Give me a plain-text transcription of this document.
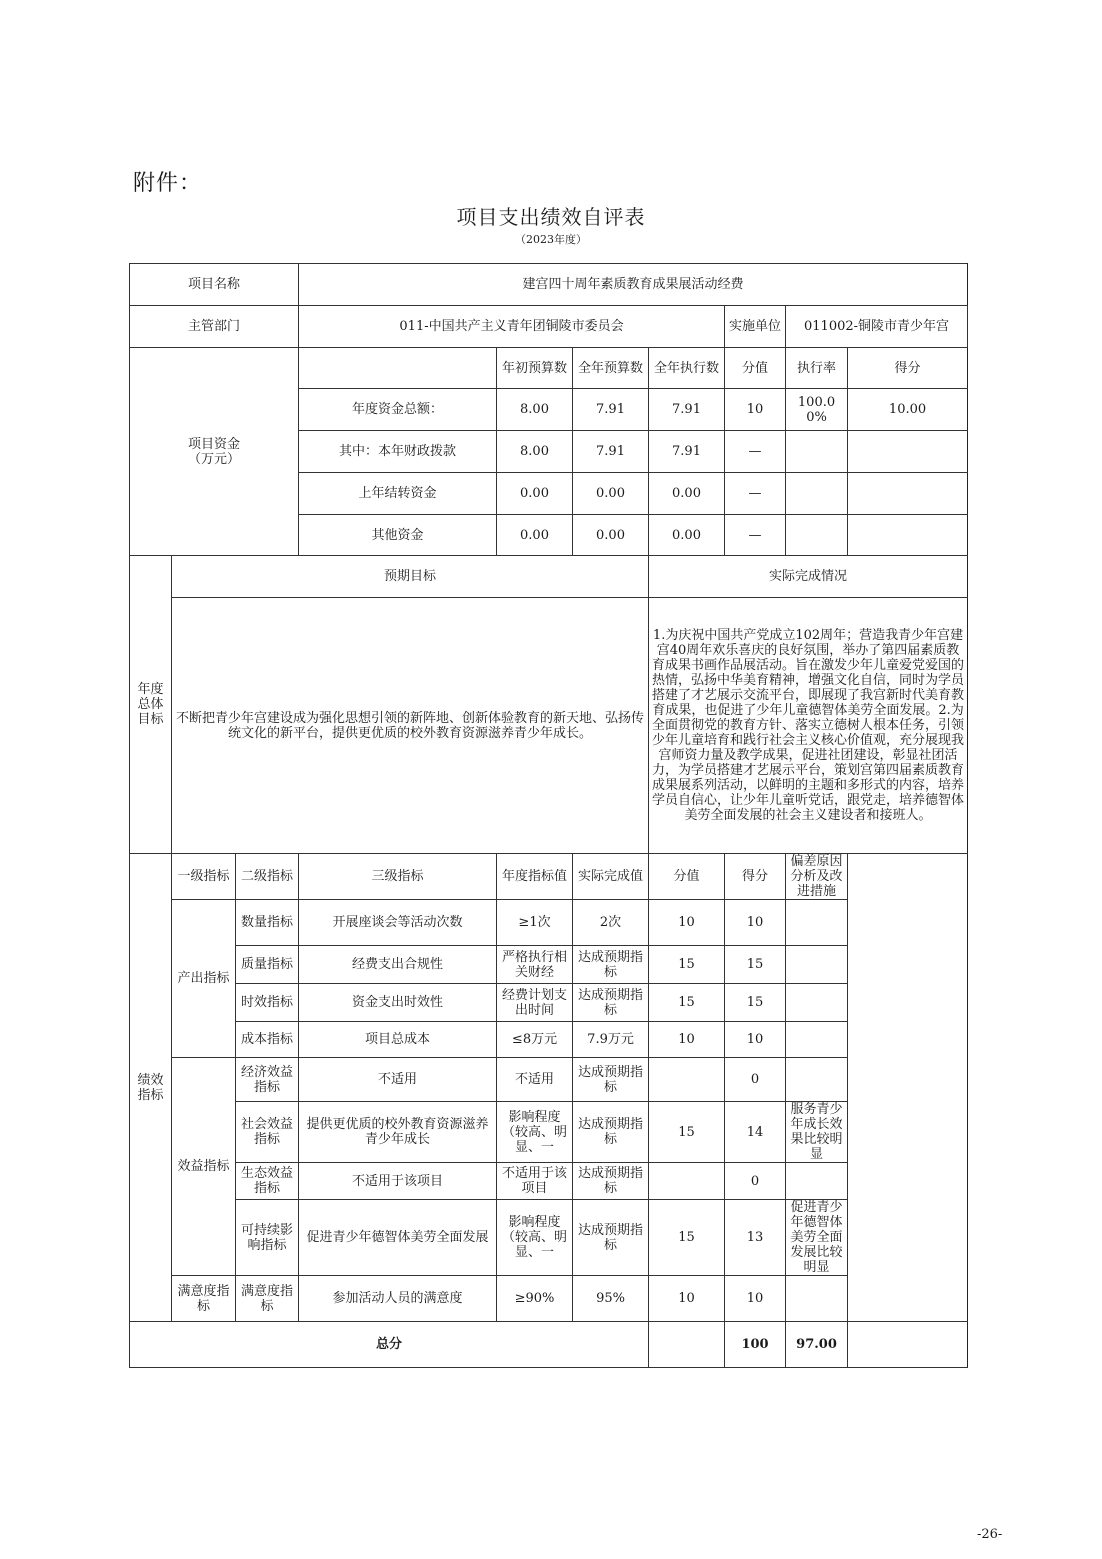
附件：
项目支出绩效自评表
（2023年度）
项目名称			建宫四十周年素质教育成果展活动经费						
主管部门			011-中国共产主义青年团铜陵市委员会				实施单位	011002-铜陵市青少年宫	
项目资金
（万元）				年初预算数	全年预算数	全年执行数	分值	执行率	得分
			年度资金总额：	8.00	7.91	7.91	10	100.00%	10.00
			其中：本年财政拨款	8.00	7.91	7.91	—		
			上年结转资金	0.00	0.00	0.00	—		
			其他资金	0.00	0.00	0.00	—		
年度总体目标	预期目标					实际完成情况			
	不断把青少年宫建设成为强化思想引领的新阵地、创新体验教育的新天地、弘扬传统文化的新平台，提供更优质的校外教育资源滋养青少年成长。					1.为庆祝中国共产党成立102周年；营造我青少年宫建宫40周年欢乐喜庆的良好氛围，举办了第四届素质教育成果书画作品展活动。旨在激发少年儿童爱党爱国的热情，弘扬中华美育精神，增强文化自信，同时为学员搭建了才艺展示交流平台，即展现了我宫新时代美育教育成果，也促进了少年儿童德智体美劳全面发展。2.为全面贯彻党的教育方针、落实立德树人根本任务，引领少年儿童培育和践行社会主义核心价值观，充分展现我宫师资力量及教学成果，促进社团建设，彰显社团活力，为学员搭建才艺展示平台，策划宫第四届素质教育成果展系列活动，以鲜明的主题和多形式的内容，培养学员自信心，让少年儿童听党话，跟党走，培养德智体美劳全面发展的社会主义建设者和接班人。			

绩效指标	一级指标	二级指标	三级指标	年度指标值	实际完成值	分值	得分	偏差原因分析及改进措施	
	产出指标	数量指标	开展座谈会等活动次数	≥1次	2次	10	10		
		质量指标	经费支出合规性	严格执行相关财经	达成预期指标	15	15		
		时效指标	资金支出时效性	经费计划支出时间	达成预期指标	15	15		
		成本指标	项目总成本	≤8万元	7.9万元	10	10		
	效益指标	经济效益指标	不适用	不适用	达成预期指标		0		
		社会效益指标	提供更优质的校外教育资源滋养青少年成长	影响程度（较高、明显、一	达成预期指标	15	14	服务青少年成长效果比较明显	
		生态效益指标	不适用于该项目	不适用于该项目	达成预期指标		0		
		可持续影响指标	促进青少年德智体美劳全面发展	影响程度（较高、明显、一	达成预期指标	15	13	促进青少年德智体美劳全面发展比较明显	
	满意度指标	满意度指标	参加活动人员的满意度	≥90%	95%	10	10		
总分							100	97.00	
-26-
